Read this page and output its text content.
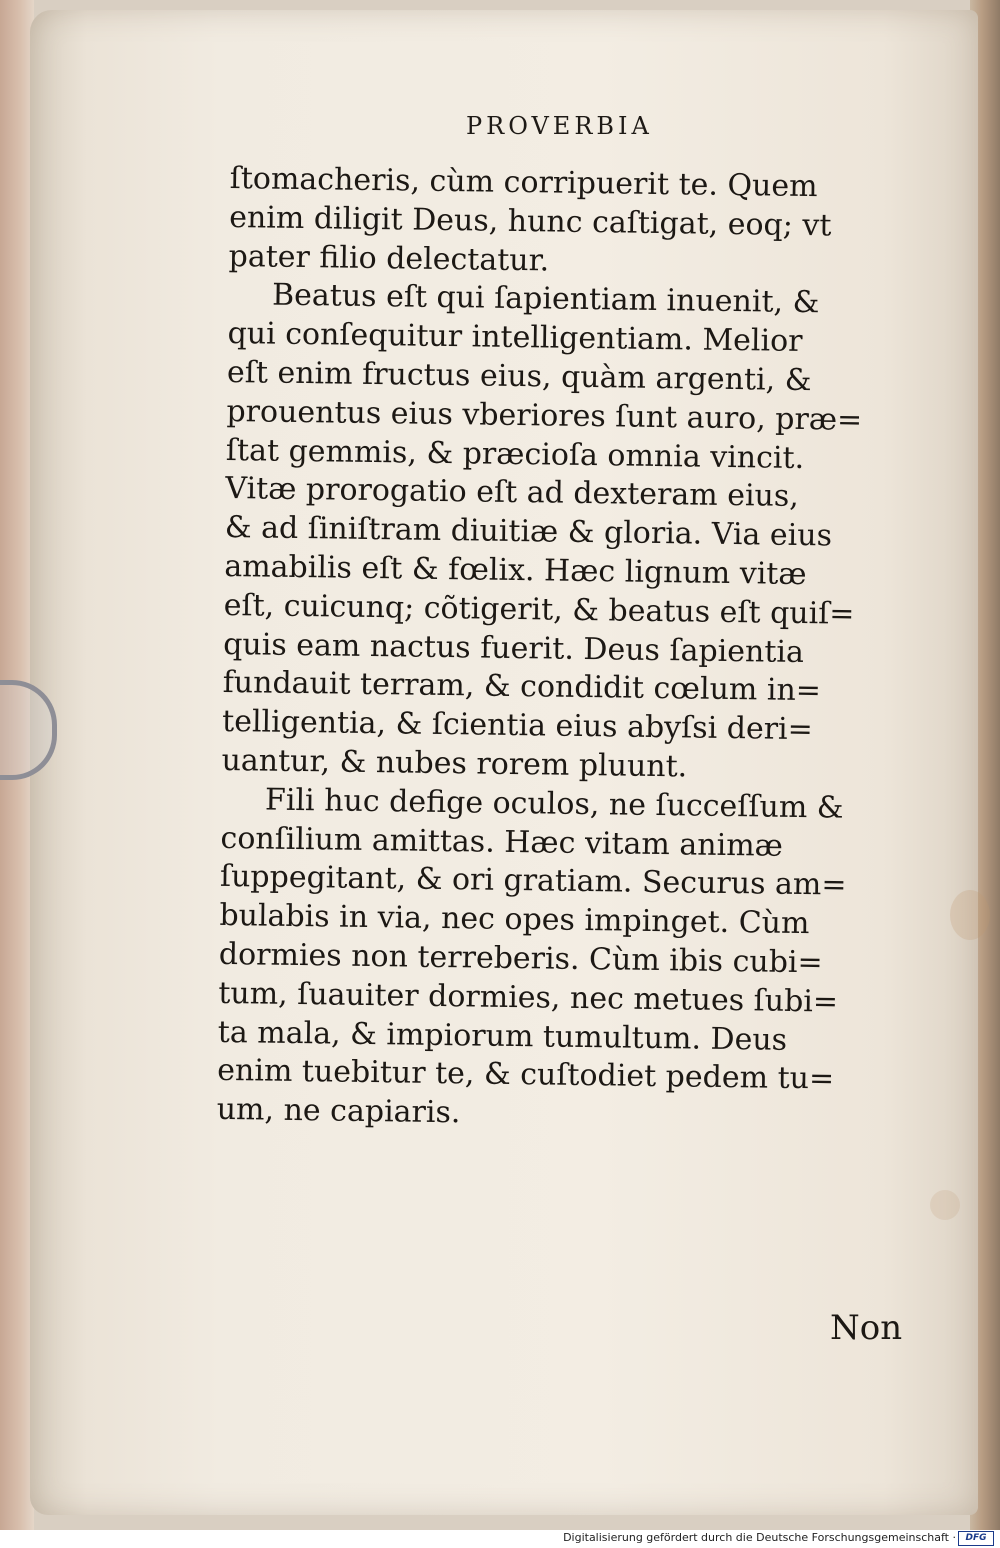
PROVERBIA
ſtomacheris, cùm corripuerit te. Quem
enim diligit Deus, hunc caſtigat, eoq; vt
pater filio delectatur.
Beatus eſt qui ſapientiam inuenit, &
qui conſequitur intelligentiam. Melior
eſt enim fructus eius, quàm argenti, &
prouentus eius vberiores ſunt auro, præ=
ſtat gemmis, & præcioſa omnia vincit.
Vitæ prorogatio eſt ad dexteram eius,
& ad ſiniſtram diuitiæ & gloria. Via eius
amabilis eſt & fœlix. Hæc lignum vitæ
eſt, cuicunq; cõtigerit, & beatus eſt quiſ=
quis eam nactus fuerit. Deus ſapientia
fundauit terram, & condidit cœlum in=
telligentia, & ſcientia eius abyſsi deri=
uantur, & nubes rorem pluunt.
Fili huc defige oculos, ne ſucceſſum &
conſilium amittas. Hæc vitam animæ
ſuppegitant, & ori gratiam. Securus am=
bulabis in via, nec opes impinget. Cùm
dormies non terreberis. Cùm ibis cubi=
tum, ſuauiter dormies, nec metues ſubi=
ta mala, & impiorum tumultum. Deus
enim tuebitur te, & cuſtodiet pedem tu=
um, ne capiaris.
Non
Digitalisierung gefördert durch die Deutsche Forschungsgemeinschaft ·	DFG
